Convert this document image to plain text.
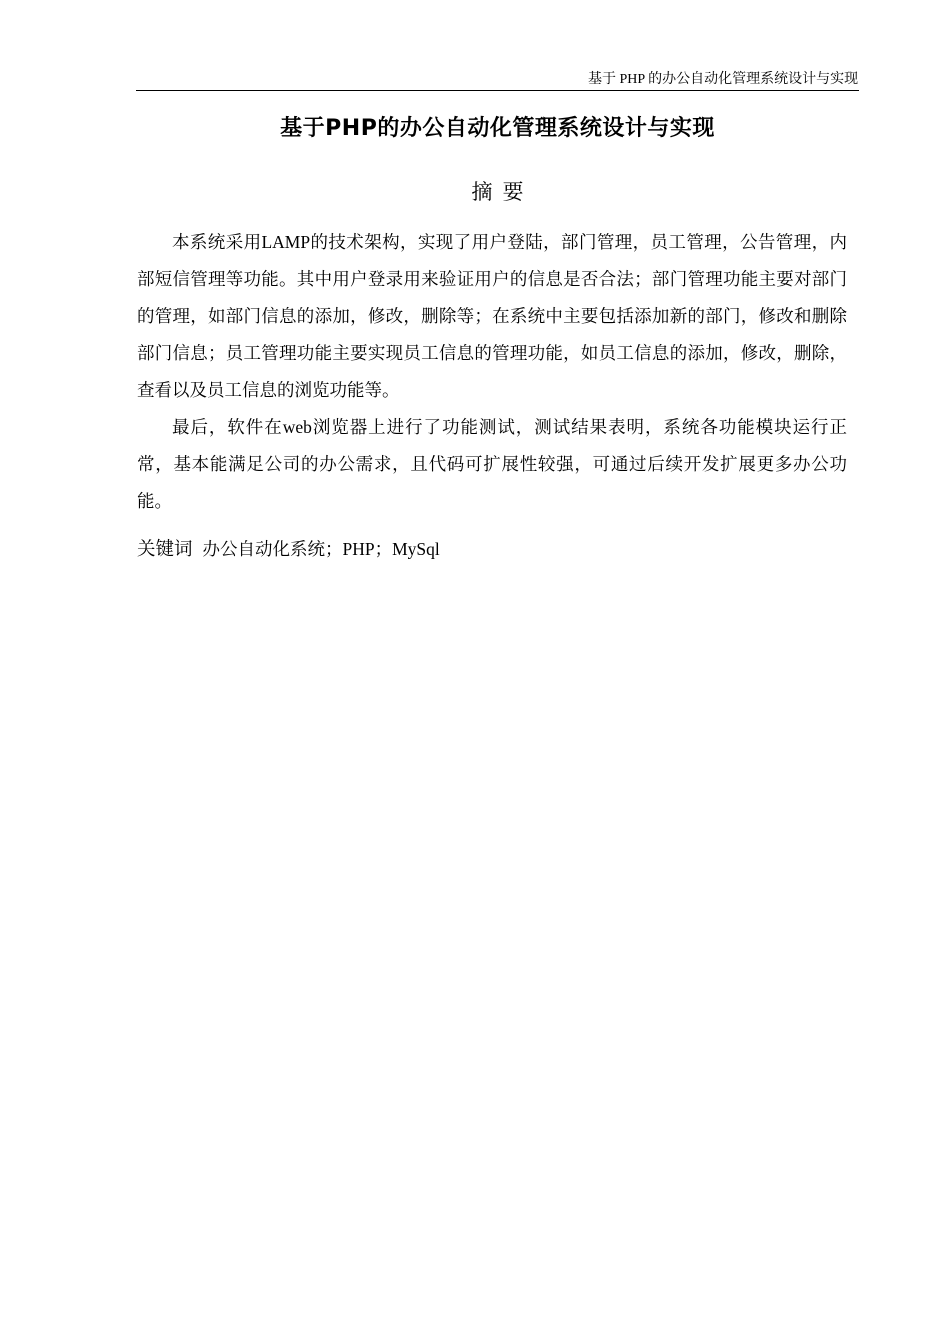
基于 PHP 的办公自动化管理系统设计与实现
基于PHP的办公自动化管理系统设计与实现
摘要

本系统采用LAMP的技术架构，实现了用户登陆，部门管理，员工管理，公告管理，内部短信管理等功能。其中用户登录用来验证用户的信息是否合法；部门管理功能主要对部门的管理，如部门信息的添加，修改，删除等；在系统中主要包括添加新的部门，修改和删除部门信息；员工管理功能主要实现员工信息的管理功能，如员工信息的添加，修改，删除，查看以及员工信息的浏览功能等。

最后，软件在web浏览器上进行了功能测试，测试结果表明，系统各功能模块运行正常，基本能满足公司的办公需求，且代码可扩展性较强，可通过后续开发扩展更多办公功能。

关键词 办公自动化系统；PHP；MySql
